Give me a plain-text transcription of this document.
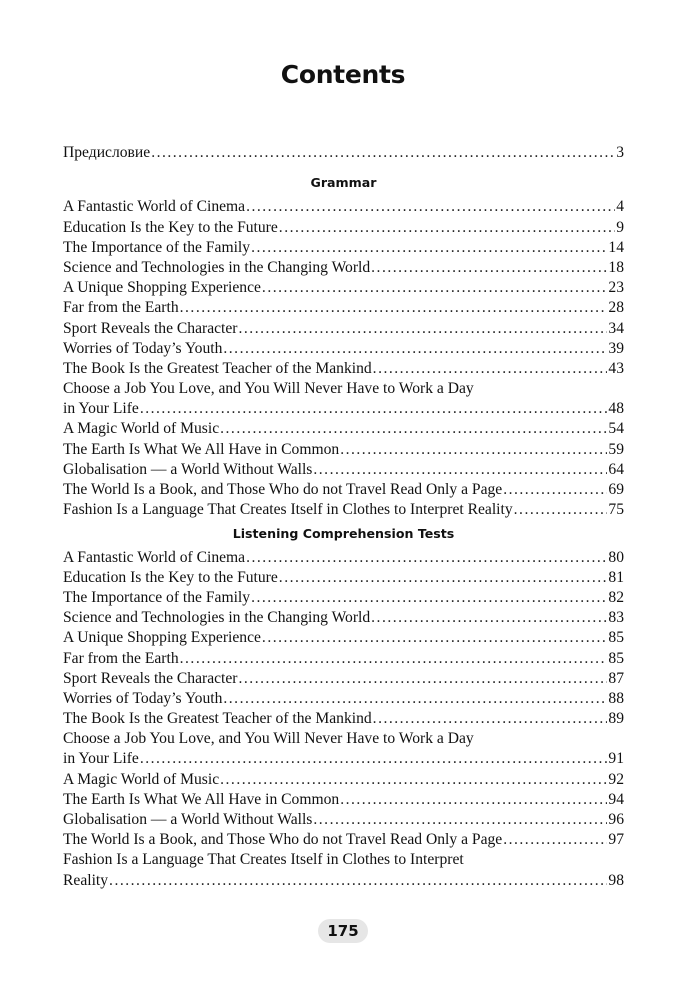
Contents
Предисловие . . .	3
Grammar
A Fantastic World of Cinema . . .	4
Education Is the Key to the Future . . .	9
The Importance of the Family . . .	14
Science and Technologies in the Changing World . . .	18
A Unique Shopping Experience . . .	23
Far from the Earth . . .	28
Sport Reveals the Character . . .	34
Worries of Today’s Youth . . .	39
The Book Is the Greatest Teacher of the Mankind . . .	43
Choose a Job You Love, and You Will Never Have to Work a Day
in Your Life . . .	48
A Magic World of Music . . .	54
The Earth Is What We All Have in Common . . .	59
Globalisation — a World Without Walls . . .	64
The World Is a Book, and Those Who do not Travel Read Only a Page . . .	69
Fashion Is a Language That Creates Itself in Clothes to Interpret Reality . . .	75
Listening Comprehension Tests
A Fantastic World of Cinema . . .	80
Education Is the Key to the Future . . .	81
The Importance of the Family . . .	82
Science and Technologies in the Changing World . . .	83
A Unique Shopping Experience . . .	85
Far from the Earth . . .	85
Sport Reveals the Character . . .	87
Worries of Today’s Youth . . .	88
The Book Is the Greatest Teacher of the Mankind . . .	89
Choose a Job You Love, and You Will Never Have to Work a Day
in Your Life . . .	91
A Magic World of Music . . .	92
The Earth Is What We All Have in Common . . .	94
Globalisation — a World Without Walls . . .	96
The World Is a Book, and Those Who do not Travel Read Only a Page . . .	97
Fashion Is a Language That Creates Itself in Clothes to Interpret
Reality . . .	98
175
